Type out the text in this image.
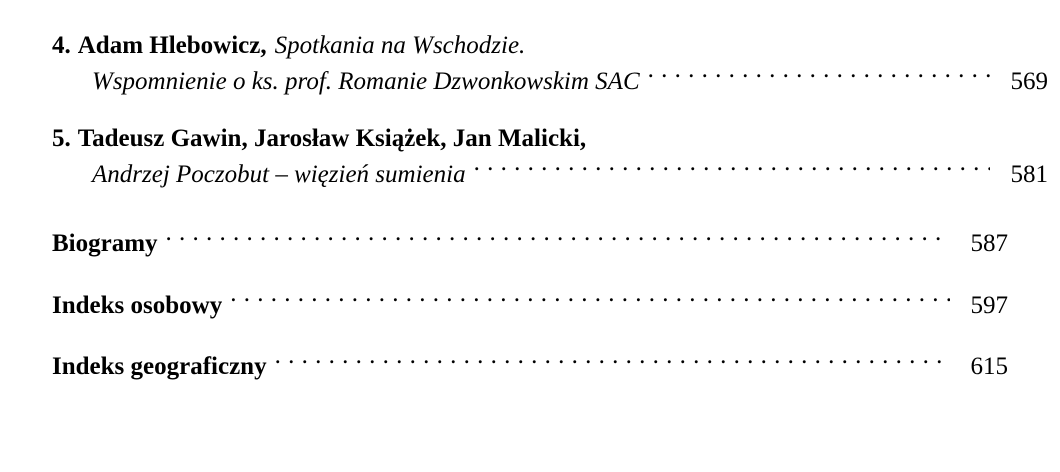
4. Adam Hlebowicz, Spotkania na Wschodzie.
Wspomnienie o ks. prof. Romanie Dzwonkowskim SAC . . .	569
5. Tadeusz Gawin, Jarosław Książek, Jan Malicki,
Andrzej Poczobut – więzień sumienia . . .	581
Biogramy . . .	587
Indeks osobowy . . .	597
Indeks geograficzny . . .	615
